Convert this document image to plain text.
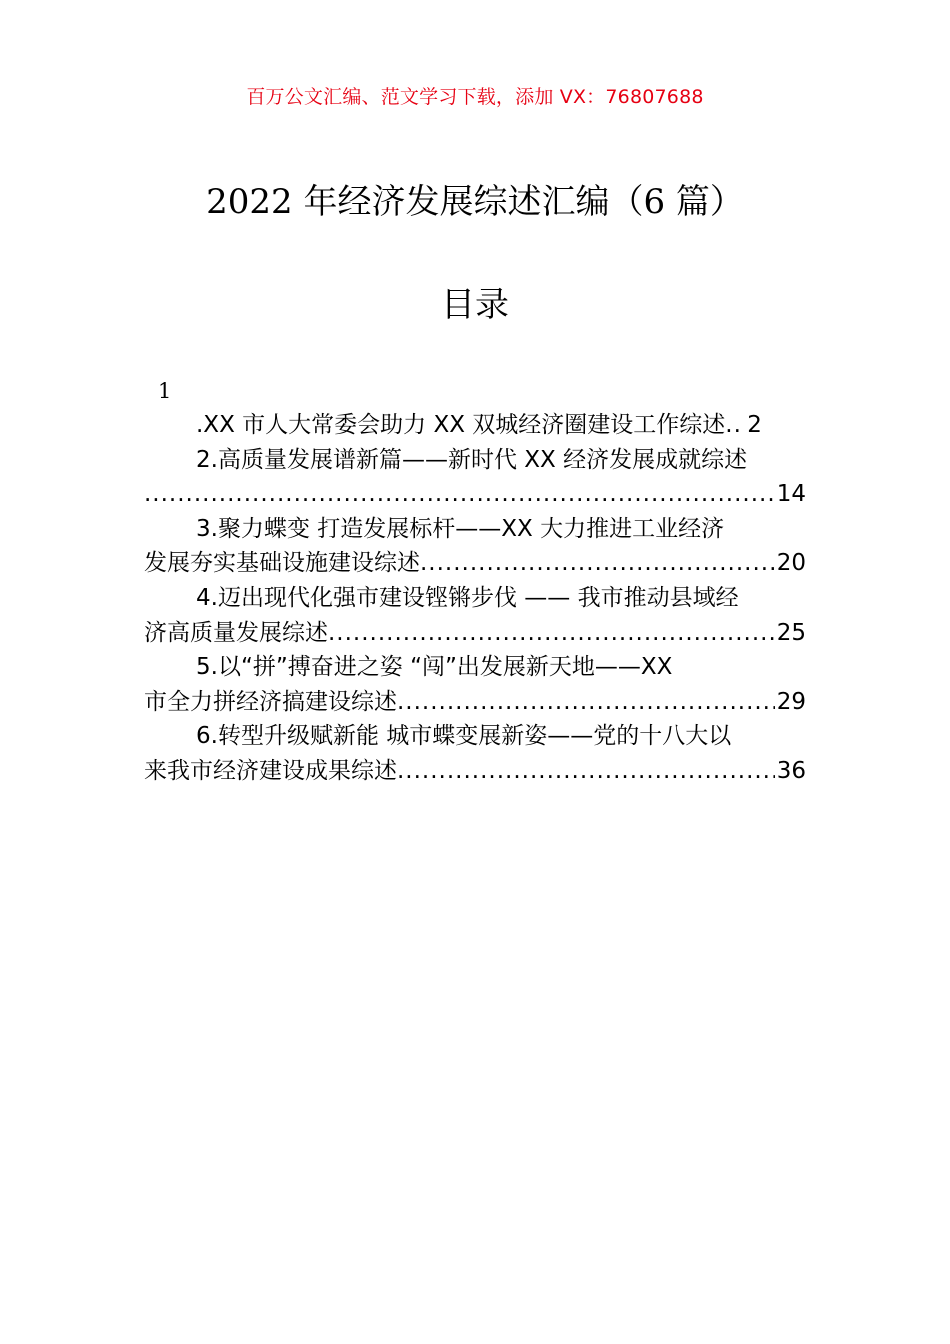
百万公文汇编、范文学习下载，添加 VX：76807688
2022 年经济发展综述汇编（6 篇）
目录
1
.XX 市人大常委会助力 XX 双城经济圈建设工作综述 ..... 2
2.高质量发展谱新篇——新时代 XX 经济发展成就综述
.....
14
3.聚力蝶变 打造发展标杆——XX 大力推进工业经济
发展夯实基础设施建设综述 .....	20
4.迈出现代化强市建设铿锵步伐 —— 我市推动县域经
济高质量发展综述 .....	25
5.以“拼”搏奋进之姿 “闯”出发展新天地——XX
市全力拼经济搞建设综述 .....	29
6.转型升级赋新能 城市蝶变展新姿——党的十八大以
来我市经济建设成果综述 .....	36
